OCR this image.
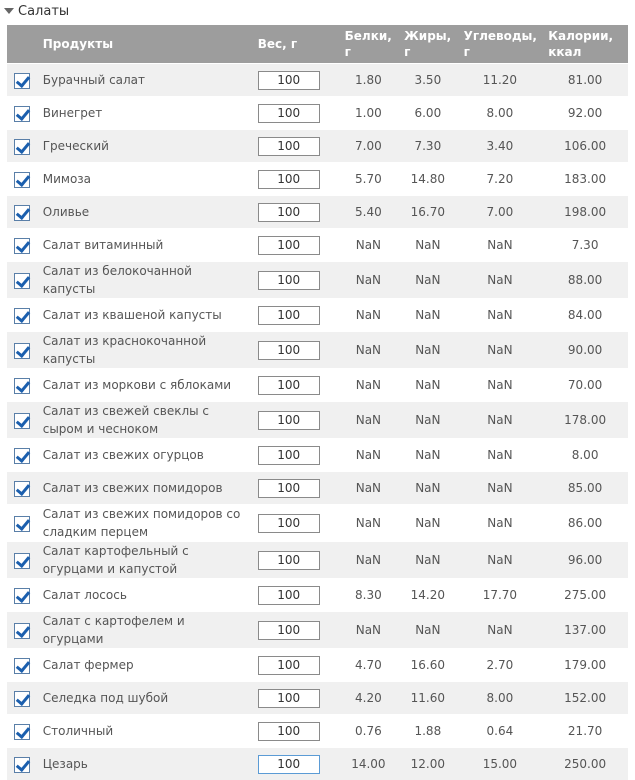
Салаты
	Продукты	Вес, г	Белки, г	Жиры, г	Углеводы, г	Калории, ккал
	Бурачный салат	100	1.80	3.50	11.20	81.00
	Винегрет	100	1.00	6.00	8.00	92.00
	Греческий	100	7.00	7.30	3.40	106.00
	Мимоза	100	5.70	14.80	7.20	183.00
	Оливье	100	5.40	16.70	7.00	198.00
	Салат витаминный	100	NaN	NaN	NaN	7.30
	Салат из белокочанной капусты	100	NaN	NaN	NaN	88.00
	Салат из квашеной капусты	100	NaN	NaN	NaN	84.00
	Салат из краснокочанной капусты	100	NaN	NaN	NaN	90.00
	Салат из моркови с яблоками	100	NaN	NaN	NaN	70.00
	Салат из свежей свеклы с сыром и чесноком	100	NaN	NaN	NaN	178.00
	Салат из свежих огурцов	100	NaN	NaN	NaN	8.00
	Салат из свежих помидоров	100	NaN	NaN	NaN	85.00
	Салат из свежих помидоров со сладким перцем	100	NaN	NaN	NaN	86.00
	Салат картофельный с огурцами и капустой	100	NaN	NaN	NaN	96.00
	Салат лосось	100	8.30	14.20	17.70	275.00
	Салат с картофелем и огурцами	100	NaN	NaN	NaN	137.00
	Салат фермер	100	4.70	16.60	2.70	179.00
	Селедка под шубой	100	4.20	11.60	8.00	152.00
	Столичный	100	0.76	1.88	0.64	21.70
	Цезарь	100	14.00	12.00	15.00	250.00
